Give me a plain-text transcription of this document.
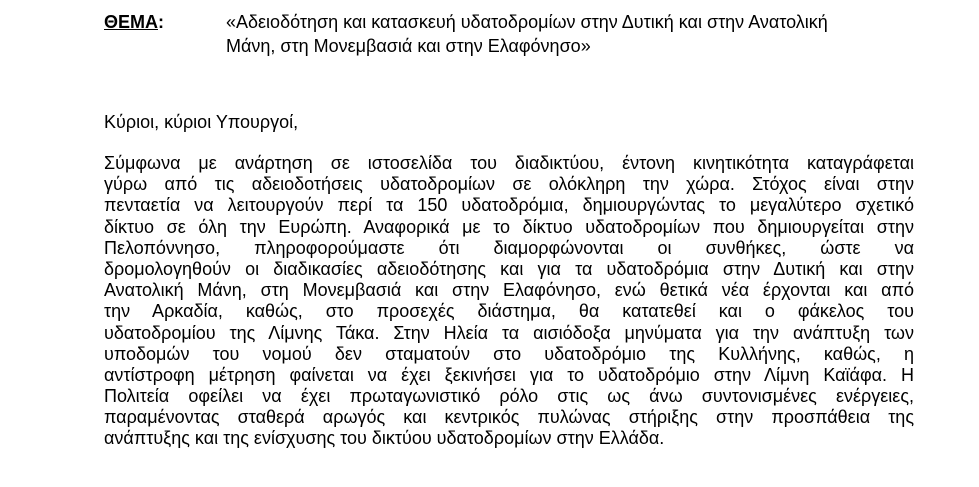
ΘΕΜΑ:	«Αδειοδότηση και κατασκευή υδατοδρομίων στην Δυτική και στην Ανατολική
Μάνη, στη Μονεμβασιά και στην Ελαφόνησο»
Κύριοι, κύριοι Υπουργοί,
Σύμφωνα με ανάρτηση σε ιστοσελίδα του διαδικτύου, έντονη κινητικότητα καταγράφεται
γύρω από τις αδειοδοτήσεις υδατοδρομίων σε ολόκληρη την χώρα. Στόχος είναι στην
πενταετία να λειτουργούν περί τα 150 υδατοδρόμια, δημιουργώντας το μεγαλύτερο σχετικό
δίκτυο σε όλη την Ευρώπη. Αναφορικά με το δίκτυο υδατοδρομίων που δημιουργείται στην
Πελοπόννησο, πληροφορούμαστε ότι διαμορφώνονται οι συνθήκες, ώστε να
δρομολογηθούν οι διαδικασίες αδειοδότησης και για τα υδατοδρόμια στην Δυτική και στην
Ανατολική Μάνη, στη Μονεμβασιά και στην Ελαφόνησο, ενώ θετικά νέα έρχονται και από
την Αρκαδία, καθώς, στο προσεχές διάστημα, θα κατατεθεί και ο φάκελος του
υδατοδρομίου της Λίμνης Τάκα. Στην Ηλεία τα αισιόδοξα μηνύματα για την ανάπτυξη των
υποδομών του νομού δεν σταματούν στο υδατοδρόμιο της Κυλλήνης, καθώς, η
αντίστροφη μέτρηση φαίνεται να έχει ξεκινήσει για το υδατοδρόμιο στην Λίμνη Καϊάφα. Η
Πολιτεία οφείλει να έχει πρωταγωνιστικό ρόλο στις ως άνω συντονισμένες ενέργειες,
παραμένοντας σταθερά αρωγός και κεντρικός πυλώνας στήριξης στην προσπάθεια της
ανάπτυξης και της ενίσχυσης του δικτύου υδατοδρομίων στην Ελλάδα.
